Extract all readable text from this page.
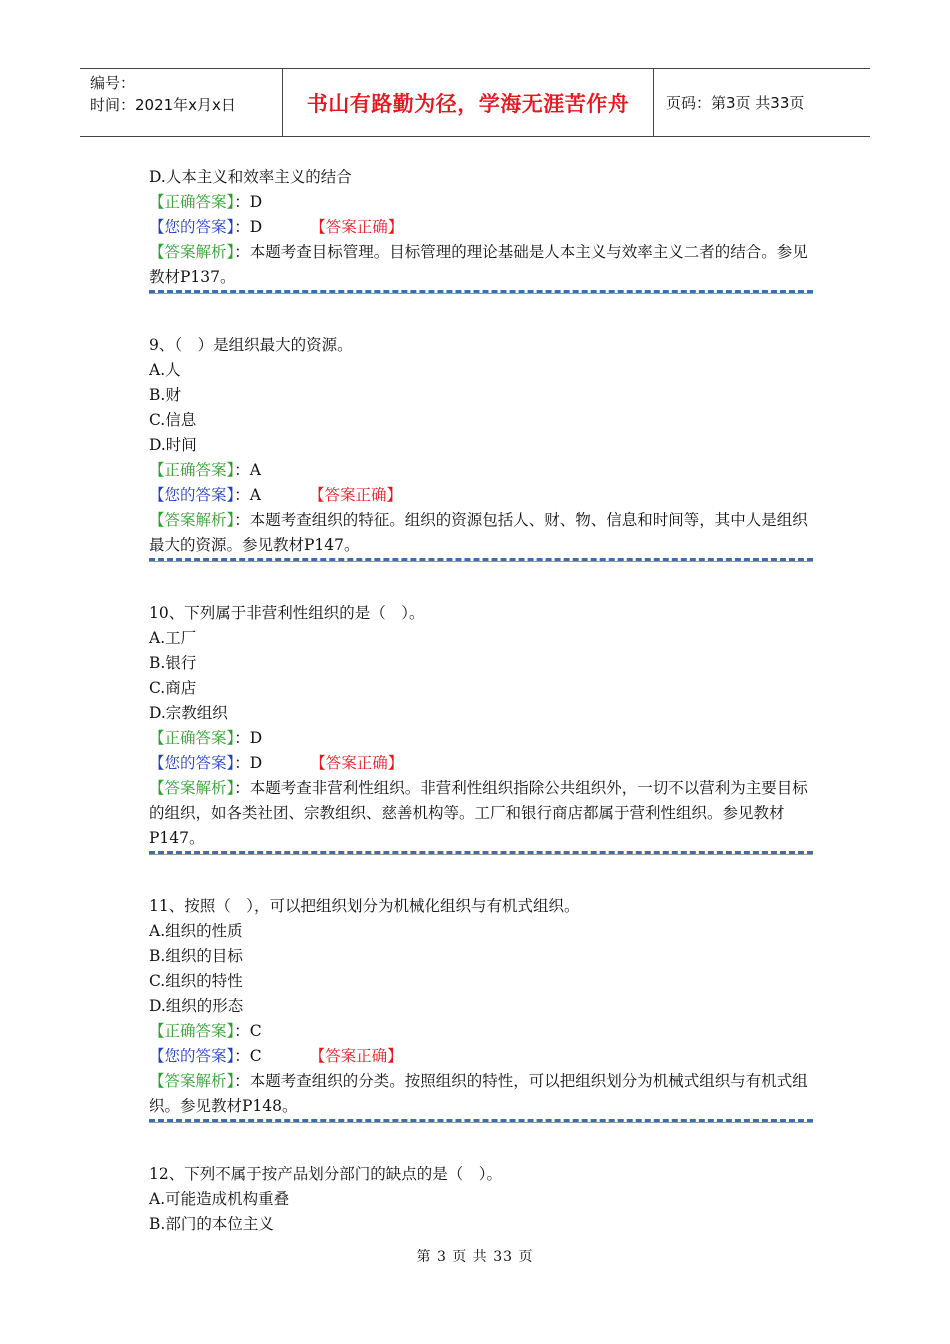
编号：
时间：2021年x月x日	书山有路勤为径，学海无涯苦作舟	页码：第3页 共33页
D.人本主义和效率主义的结合
【正确答案】：D
【您的答案】：D	【答案正确】
【答案解析】：本题考查目标管理。目标管理的理论基础是人本主义与效率主义二者的结合。参见教材P137。
9、（　）是组织最大的资源。
A.人
B.财
C.信息
D.时间
【正确答案】：A
【您的答案】：A	【答案正确】
【答案解析】：本题考查组织的特征。组织的资源包括人、财、物、信息和时间等，其中人是组织最大的资源。参见教材P147。
10、下列属于非营利性组织的是（　）。
A.工厂
B.银行
C.商店
D.宗教组织
【正确答案】：D
【您的答案】：D	【答案正确】
【答案解析】：本题考查非营利性组织。非营利性组织指除公共组织外，一切不以营利为主要目标的组织，如各类社团、宗教组织、慈善机构等。工厂和银行商店都属于营利性组织。参见教材P147。
11、按照（　），可以把组织划分为机械化组织与有机式组织。
A.组织的性质
B.组织的目标
C.组织的特性
D.组织的形态
【正确答案】：C
【您的答案】：C	【答案正确】
【答案解析】：本题考查组织的分类。按照组织的特性，可以把组织划分为机械式组织与有机式组织。参见教材P148。
12、下列不属于按产品划分部门的缺点的是（　）。
A.可能造成机构重叠
B.部门的本位主义
第 3 页 共 33 页
